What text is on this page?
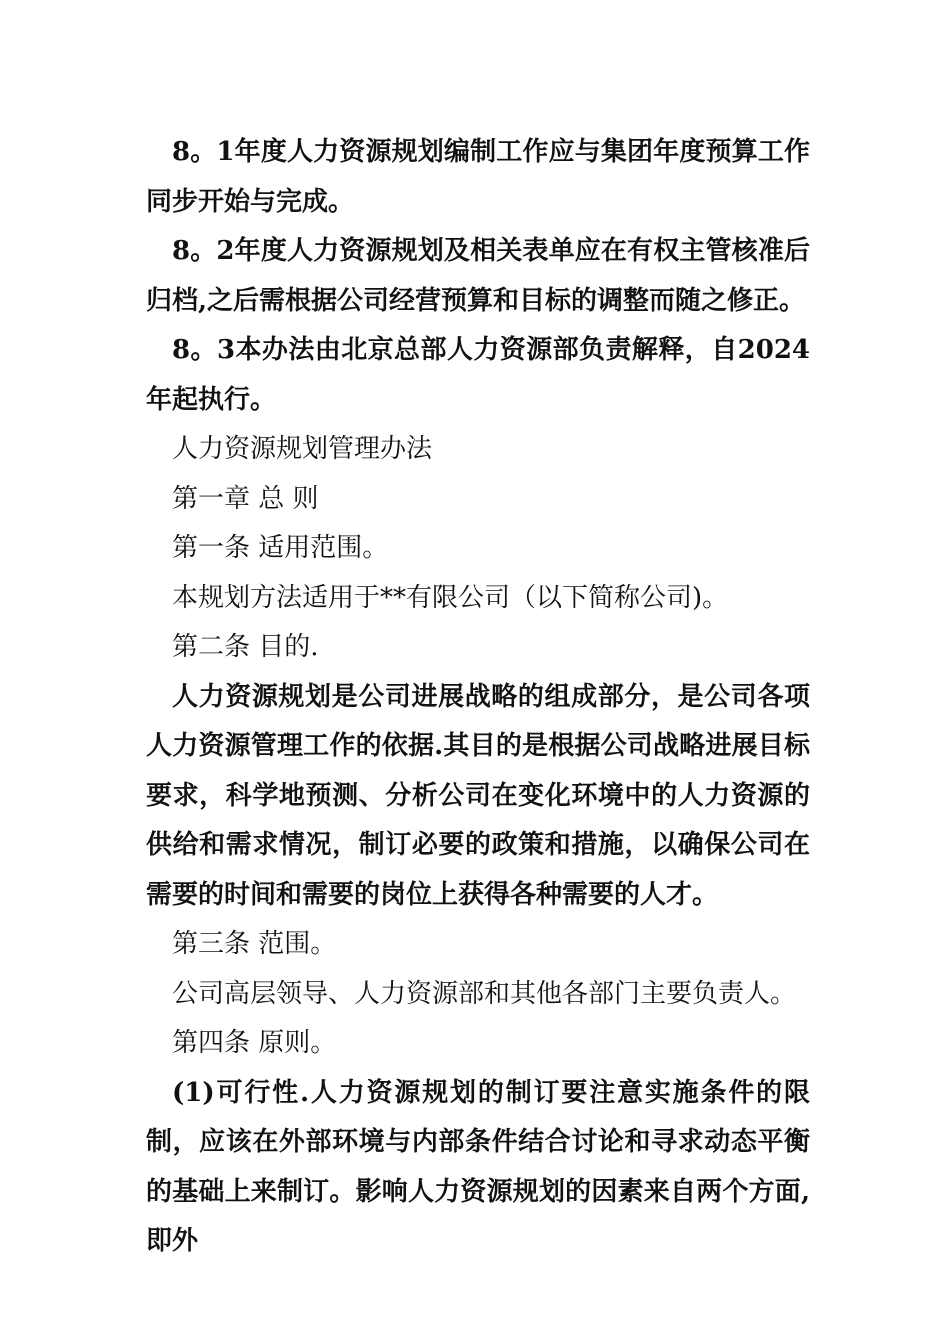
8。1年度人力资源规划编制工作应与集团年度预算工作同步开始与完成。

8。2年度人力资源规划及相关表单应在有权主管核准后归档,之后需根据公司经营预算和目标的调整而随之修正。

8。3本办法由北京总部人力资源部负责解释，自2024年起执行。

人力资源规划管理办法

第一章 总 则

第一条 适用范围。

本规划方法适用于**有限公司（以下简称公司)。

第二条 目的.

人力资源规划是公司进展战略的组成部分，是公司各项人力资源管理工作的依据.其目的是根据公司战略进展目标要求，科学地预测、分析公司在变化环境中的人力资源的供给和需求情况，制订必要的政策和措施，以确保公司在需要的时间和需要的岗位上获得各种需要的人才。

第三条 范围。

公司高层领导、人力资源部和其他各部门主要负责人。

第四条 原则。

(1)可行性.人力资源规划的制订要注意实施条件的限制，应该在外部环境与内部条件结合讨论和寻求动态平衡的基础上来制订。影响人力资源规划的因素来自两个方面,即外
